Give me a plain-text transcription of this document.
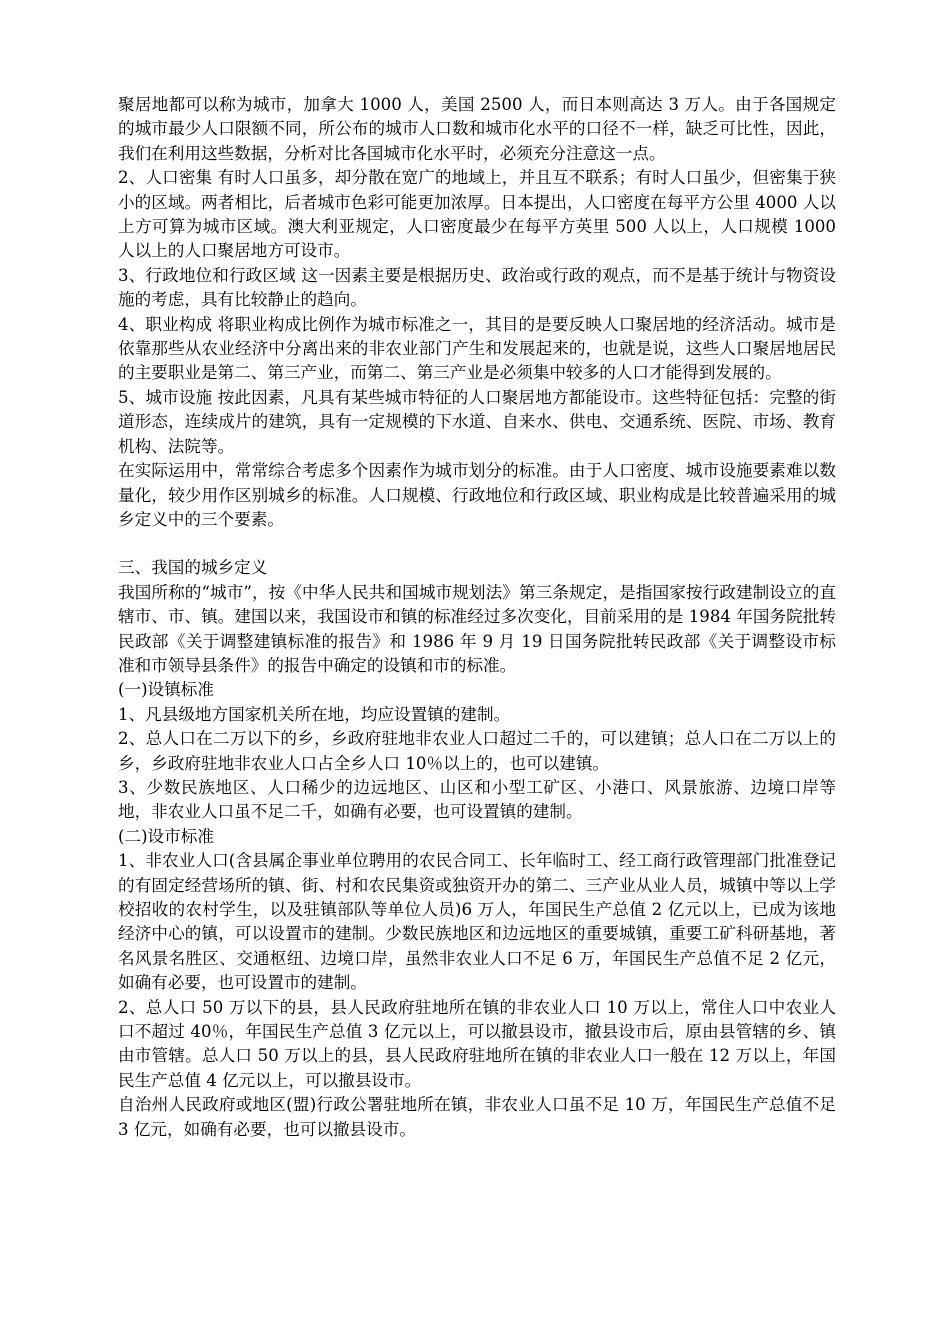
聚居地都可以称为城市，加拿大 1000 人，美国 2500 人，而日本则高达 3 万人。由于各国规定的城市最少人口限额不同，所公布的城市人口数和城市化水平的口径不一样，缺乏可比性，因此，我们在利用这些数据，分析对比各国城市化水平时，必须充分注意这一点。

2、人口密集 有时人口虽多，却分散在宽广的地域上，并且互不联系；有时人口虽少，但密集于狭小的区域。两者相比，后者城市色彩可能更加浓厚。日本提出，人口密度在每平方公里 4000 人以上方可算为城市区域。澳大利亚规定，人口密度最少在每平方英里 500 人以上，人口规模 1000 人以上的人口聚居地方可设市。

3、行政地位和行政区域 这一因素主要是根据历史、政治或行政的观点，而不是基于统计与物资设施的考虑，具有比较静止的趋向。

4、职业构成 将职业构成比例作为城市标准之一，其目的是要反映人口聚居地的经济活动。城市是依靠那些从农业经济中分离出来的非农业部门产生和发展起来的，也就是说，这些人口聚居地居民的主要职业是第二、第三产业，而第二、第三产业是必须集中较多的人口才能得到发展的。

5、城市设施 按此因素，凡具有某些城市特征的人口聚居地方都能设市。这些特征包括：完整的街道形态，连续成片的建筑，具有一定规模的下水道、自来水、供电、交通系统、医院、市场、教育机构、法院等。

在实际运用中，常常综合考虑多个因素作为城市划分的标准。由于人口密度、城市设施要素难以数量化，较少用作区别城乡的标准。人口规模、行政地位和行政区域、职业构成是比较普遍采用的城乡定义中的三个要素。

三、我国的城乡定义

我国所称的“城市”，按《中华人民共和国城市规划法》第三条规定，是指国家按行政建制设立的直辖市、市、镇。建国以来，我国设市和镇的标准经过多次变化，目前采用的是 1984 年国务院批转民政部《关于调整建镇标准的报告》和 1986 年 9 月 19 日国务院批转民政部《关于调整设市标准和市领导县条件》的报告中确定的设镇和市的标准。

(一)设镇标准

1、凡县级地方国家机关所在地，均应设置镇的建制。

2、总人口在二万以下的乡，乡政府驻地非农业人口超过二千的，可以建镇；总人口在二万以上的乡，乡政府驻地非农业人口占全乡人口 10％以上的，也可以建镇。

3、少数民族地区、人口稀少的边远地区、山区和小型工矿区、小港口、风景旅游、边境口岸等地，非农业人口虽不足二千，如确有必要，也可设置镇的建制。

(二)设市标准

1、非农业人口(含县属企事业单位聘用的农民合同工、长年临时工、经工商行政管理部门批准登记的有固定经营场所的镇、街、村和农民集资或独资开办的第二、三产业从业人员，城镇中等以上学校招收的农村学生，以及驻镇部队等单位人员)6 万人，年国民生产总值 2 亿元以上，已成为该地经济中心的镇，可以设置市的建制。少数民族地区和边远地区的重要城镇，重要工矿科研基地，著名风景名胜区、交通枢纽、边境口岸，虽然非农业人口不足 6 万，年国民生产总值不足 2 亿元，如确有必要，也可设置市的建制。

2、总人口 50 万以下的县，县人民政府驻地所在镇的非农业人口 10 万以上，常住人口中农业人口不超过 40％，年国民生产总值 3 亿元以上，可以撤县设市，撤县设市后，原由县管辖的乡、镇由市管辖。总人口 50 万以上的县，县人民政府驻地所在镇的非农业人口一般在 12 万以上，年国民生产总值 4 亿元以上，可以撤县设市。

自治州人民政府或地区(盟)行政公署驻地所在镇，非农业人口虽不足 10 万，年国民生产总值不足 3 亿元，如确有必要，也可以撤县设市。
